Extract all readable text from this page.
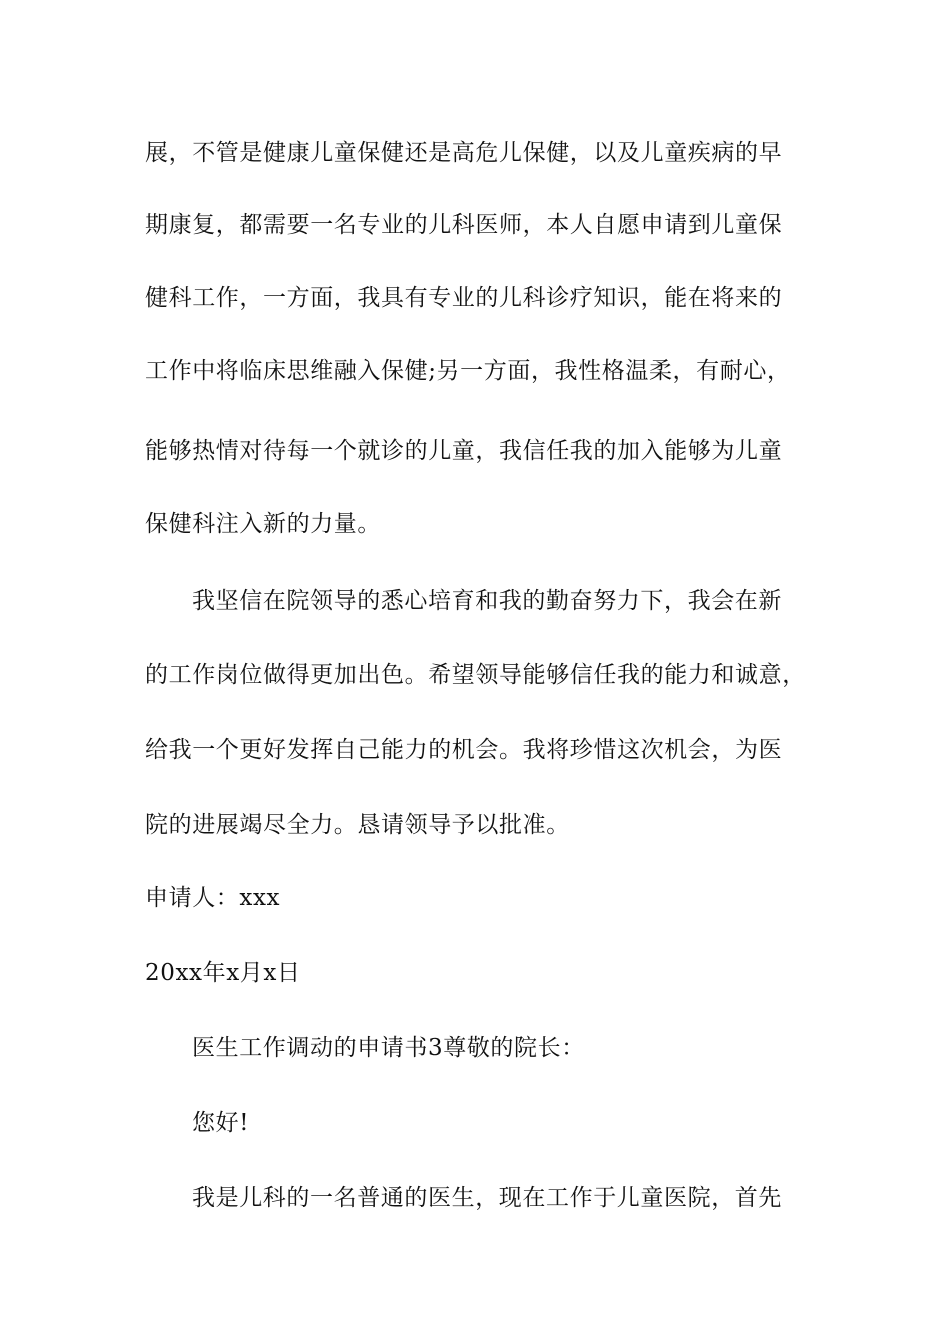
展，不管是健康儿童保健还是高危儿保健，以及儿童疾病的早
期康复，都需要一名专业的儿科医师，本人自愿申请到儿童保
健科工作，一方面，我具有专业的儿科诊疗知识，能在将来的
工作中将临床思维融入保健;另一方面，我性格温柔，有耐心，
能够热情对待每一个就诊的儿童，我信任我的加入能够为儿童
保健科注入新的力量。
我坚信在院领导的悉心培育和我的勤奋努力下，我会在新
的工作岗位做得更加出色。希望领导能够信任我的能力和诚意，
给我一个更好发挥自己能力的机会。我将珍惜这次机会，为医
院的进展竭尽全力。恳请领导予以批准。
申请人：xxx
20xx年x月x日
医生工作调动的申请书3尊敬的院长：
您好!
我是儿科的一名普通的医生，现在工作于儿童医院，首先
